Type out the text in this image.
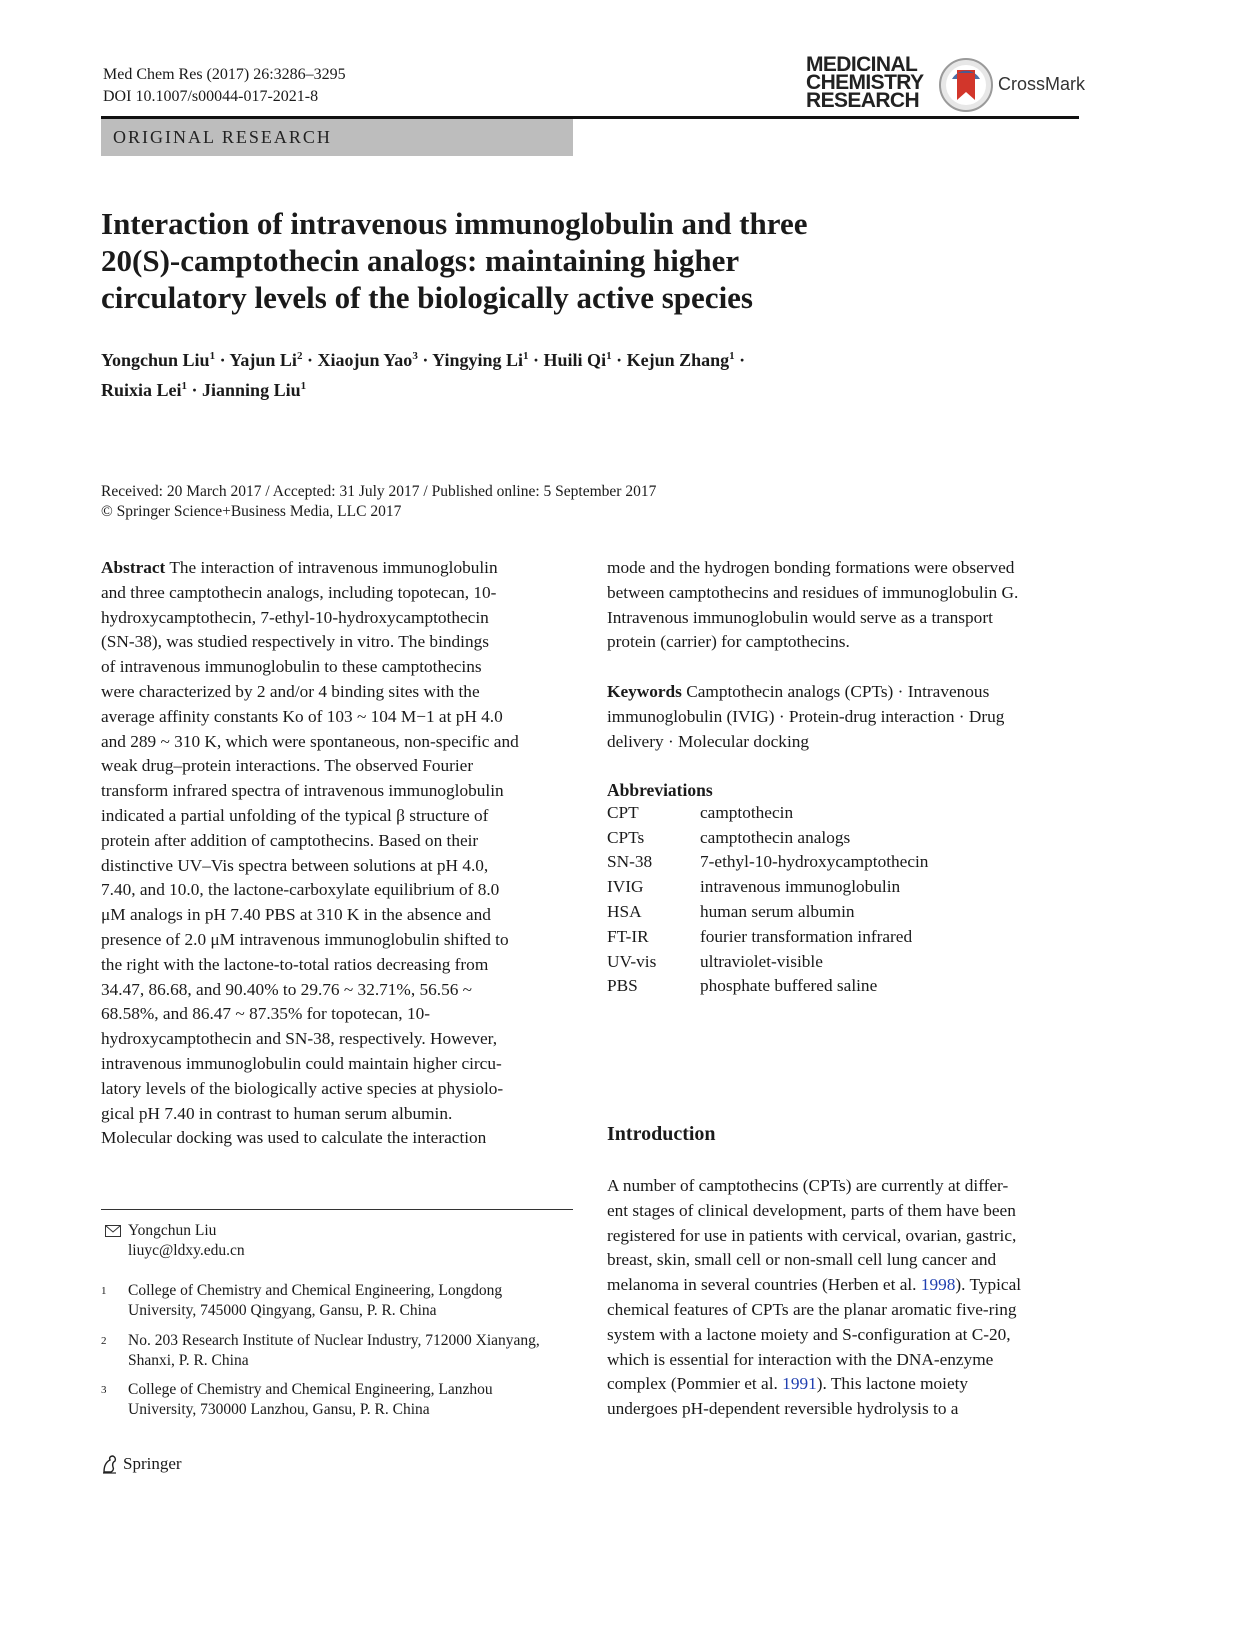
Med Chem Res (2017) 26:3286–3295
DOI 10.1007/s00044-017-2021-8
MEDICINAL
CHEMISTRY
RESEARCH
CrossMark
ORIGINAL RESEARCH
Interaction of intravenous immunoglobulin and three
20(S)-camptothecin analogs: maintaining higher
circulatory levels of the biologically active species
Yongchun Liu$^1$ · Yajun $Li^2$ · Xiaojun Yao$^3$ · Yingying $Li^1$ · Huili $Qi^1$ · Kejun Zhang$^1$ ·
Ruixia Lei$^1$ · Jianning Liu$^1$
Received: 20 March 2017 / Accepted: 31 July 2017 / Published online: 5 September 2017
© Springer Science+Business Media, LLC 2017

Abstract The interaction of intravenous immunoglobulin

and three camptothecin analogs, including topotecan, 10-

hydroxycamptothecin, 7-ethyl-10-hydroxycamptothecin

(SN-38), was studied respectively in vitro. The bindings

of intravenous immunoglobulin to these camptothecins

were characterized by 2 and/or 4 binding sites with the

average affinity constants Ko of 103 ~ 104 M−1 at pH 4.0

and 289 ~ 310 K, which were spontaneous, non-specific and

weak drug–protein interactions. The observed Fourier

transform infrared spectra of intravenous immunoglobulin

indicated a partial unfolding of the typical β structure of

protein after addition of camptothecins. Based on their

distinctive UV–Vis spectra between solutions at pH 4.0,

7.40, and 10.0, the lactone-carboxylate equilibrium of 8.0

μM analogs in pH 7.40 PBS at 310 K in the absence and

presence of 2.0 μM intravenous immunoglobulin shifted to

the right with the lactone-to-total ratios decreasing from

34.47, 86.68, and 90.40% to 29.76 ~ 32.71%, 56.56 ~

68.58%, and 86.47 ~ 87.35% for topotecan, 10-

hydroxycamptothecin and SN-38, respectively. However,

intravenous immunoglobulin could maintain higher circu-

latory levels of the biologically active species at physiolo-

gical pH 7.40 in contrast to human serum albumin.

Molecular docking was used to calculate the interaction

mode and the hydrogen bonding formations were observed

between camptothecins and residues of immunoglobulin G.

Intravenous immunoglobulin would serve as a transport

protein (carrier) for camptothecins.

Keywords Camptothecin analogs (CPTs) · Intravenous

immunoglobulin (IVIG) · Protein-drug interaction · Drug

delivery · Molecular docking

Abbreviations
CPT	camptothecin
CPTs	camptothecin analogs
SN-38	7-ethyl-10-hydroxycamptothecin
IVIG	intravenous immunoglobulin
HSA	human serum albumin
FT-IR	fourier transformation infrared
UV-vis	ultraviolet-visible
PBS	phosphate buffered saline
Introduction

A number of camptothecins (CPTs) are currently at differ-

ent stages of clinical development, parts of them have been

registered for use in patients with cervical, ovarian, gastric,

breast, skin, small cell or non-small cell lung cancer and

melanoma in several countries (Herben et al. 1998). Typical

chemical features of CPTs are the planar aromatic five-ring

system with a lactone moiety and S-configuration at C-20,

which is essential for interaction with the DNA-enzyme

complex (Pommier et al. 1991). This lactone moiety

undergoes pH-dependent reversible hydrolysis to a

Yongchun Liu
liuyc@ldxy.edu.cn
1 College of Chemistry and Chemical Engineering, Longdong
University, 745000 Qingyang, Gansu, P. R. China
2 No. 203 Research Institute of Nuclear Industry, 712000 Xianyang,
Shanxi, P. R. China
3 College of Chemistry and Chemical Engineering, Lanzhou
University, 730000 Lanzhou, Gansu, P. R. China
Springer
